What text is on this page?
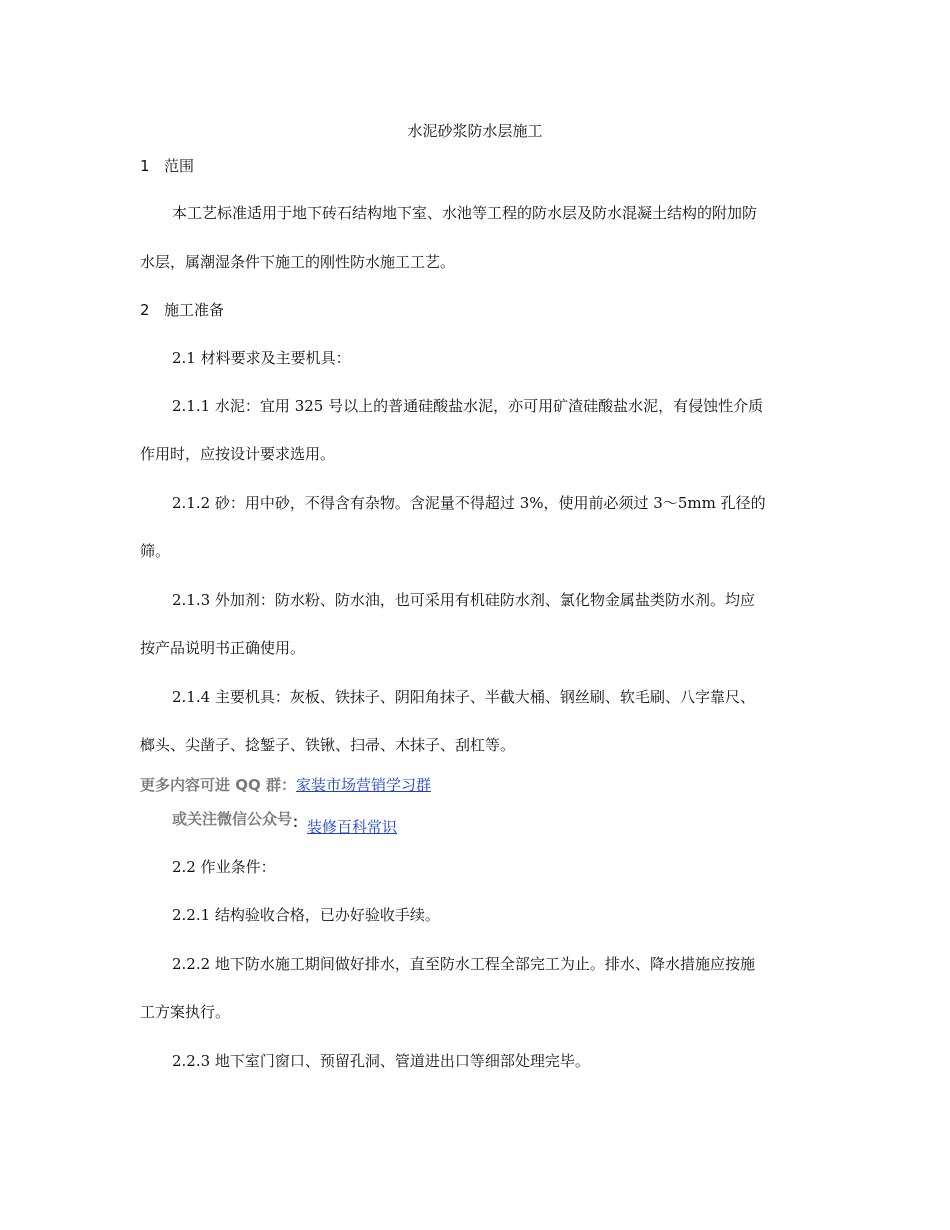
水泥砂浆防水层施工
1 范围
本工艺标准适用于地下砖石结构地下室、水池等工程的防水层及防水混凝土结构的附加防
水层，属潮湿条件下施工的刚性防水施工工艺。
2 施工准备
2.1 材料要求及主要机具：
2.1.1 水泥：宜用 325 号以上的普通硅酸盐水泥，亦可用矿渣硅酸盐水泥，有侵蚀性介质
作用时，应按设计要求选用。
2.1.2 砂：用中砂，不得含有杂物。含泥量不得超过 3%，使用前必须过 3～5mm 孔径的
筛。
2.1.3 外加剂：防水粉、防水油，也可采用有机硅防水剂、氯化物金属盐类防水剂。均应
按产品说明书正确使用。
2.1.4 主要机具：灰板、铁抹子、阴阳角抹子、半截大桶、钢丝刷、软毛刷、八字靠尺、
榔头、尖凿子、捻錾子、铁锹、扫帚、木抹子、刮杠等。
更多内容可进 QQ 群：家装市场营销学习群
或关注微信公众号：装修百科常识
2.2 作业条件：
2.2.1 结构验收合格，已办好验收手续。
2.2.2 地下防水施工期间做好排水，直至防水工程全部完工为止。排水、降水措施应按施
工方案执行。
2.2.3 地下室门窗口、预留孔洞、管道进出口等细部处理完毕。
